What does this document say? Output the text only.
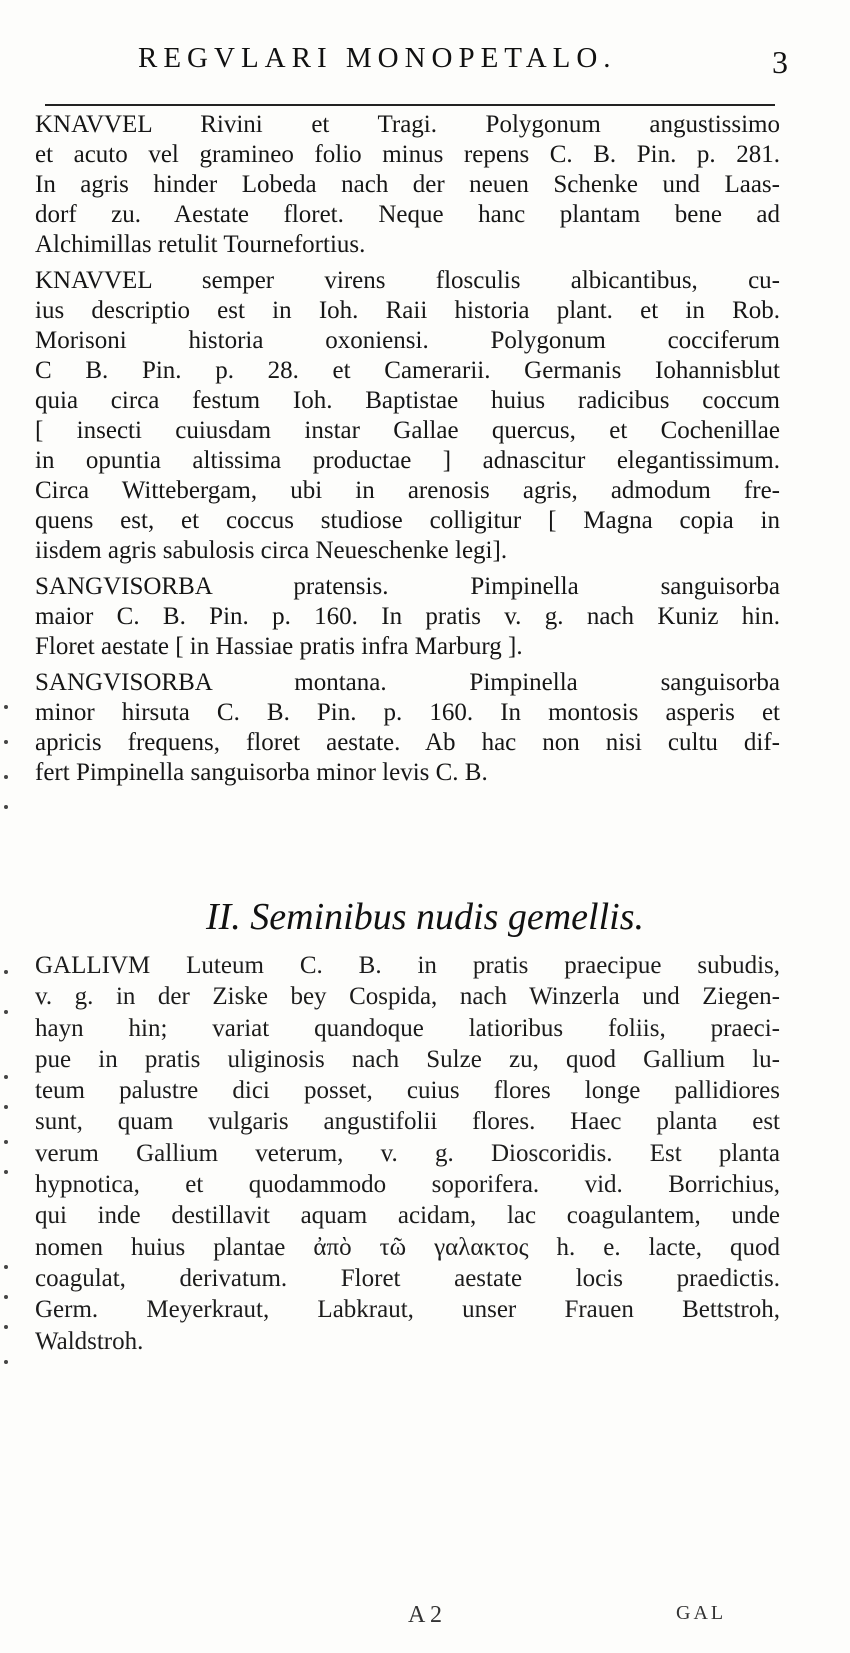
REGVLARI MONOPETALO.	3
KNAVVEL Rivini et Tragi. Polygonum angustissimo
et acuto vel gramineo folio minus repens C. B. Pin. p. 281.
In agris hinder Lobeda nach der neuen Schenke und Laas-
dorf zu. Aestate floret. Neque hanc plantam bene ad
Alchimillas retulit Tournefortius.
KNAVVEL semper virens flosculis albicantibus, cu-
ius descriptio est in Ioh. Raii historia plant. et in Rob.
Morisoni historia oxoniensi. Polygonum cocciferum
C B. Pin. p. 28. et Camerarii. Germanis Iohannisblut
quia circa festum Ioh. Baptistae huius radicibus coccum
[ insecti cuiusdam instar Gallae quercus, et Cochenillae
in opuntia altissima productae ] adnascitur elegantissimum.
Circa Wittebergam, ubi in arenosis agris, admodum fre-
quens est, et coccus studiose colligitur [ Magna copia in
iisdem agris sabulosis circa Neueschenke legi].
SANGVISORBA pratensis. Pimpinella sanguisorba
maior C. B. Pin. p. 160. In pratis v. g. nach Kuniz hin.
Floret aestate [ in Hassiae pratis infra Marburg ].
SANGVISORBA montana. Pimpinella sanguisorba
minor hirsuta C. B. Pin. p. 160. In montosis asperis et
apricis frequens, floret aestate. Ab hac non nisi cultu dif-
fert Pimpinella sanguisorba minor levis C. B.
II. Seminibus nudis gemellis.
GALLIVM Luteum C. B. in pratis praecipue subudis,
v. g. in der Ziske bey Cospida, nach Winzerla und Ziegen-
hayn hin; variat quandoque latioribus foliis, praeci-
pue in pratis uliginosis nach Sulze zu, quod Gallium lu-
teum palustre dici posset, cuius flores longe pallidiores
sunt, quam vulgaris angustifolii flores. Haec planta est
verum Gallium veterum, v. g. Dioscoridis. Est planta
hypnotica, et quodammodo soporifera. vid. Borrichius,
qui inde destillavit aquam acidam, lac coagulantem, unde
nomen huius plantae ἀπὸ τῶ γαλακτος h. e. lacte, quod
coagulat, derivatum. Floret aestate locis praedictis.
Germ. Meyerkraut, Labkraut, unser Frauen Bettstroh,
Waldstroh.
A 2	GAL
